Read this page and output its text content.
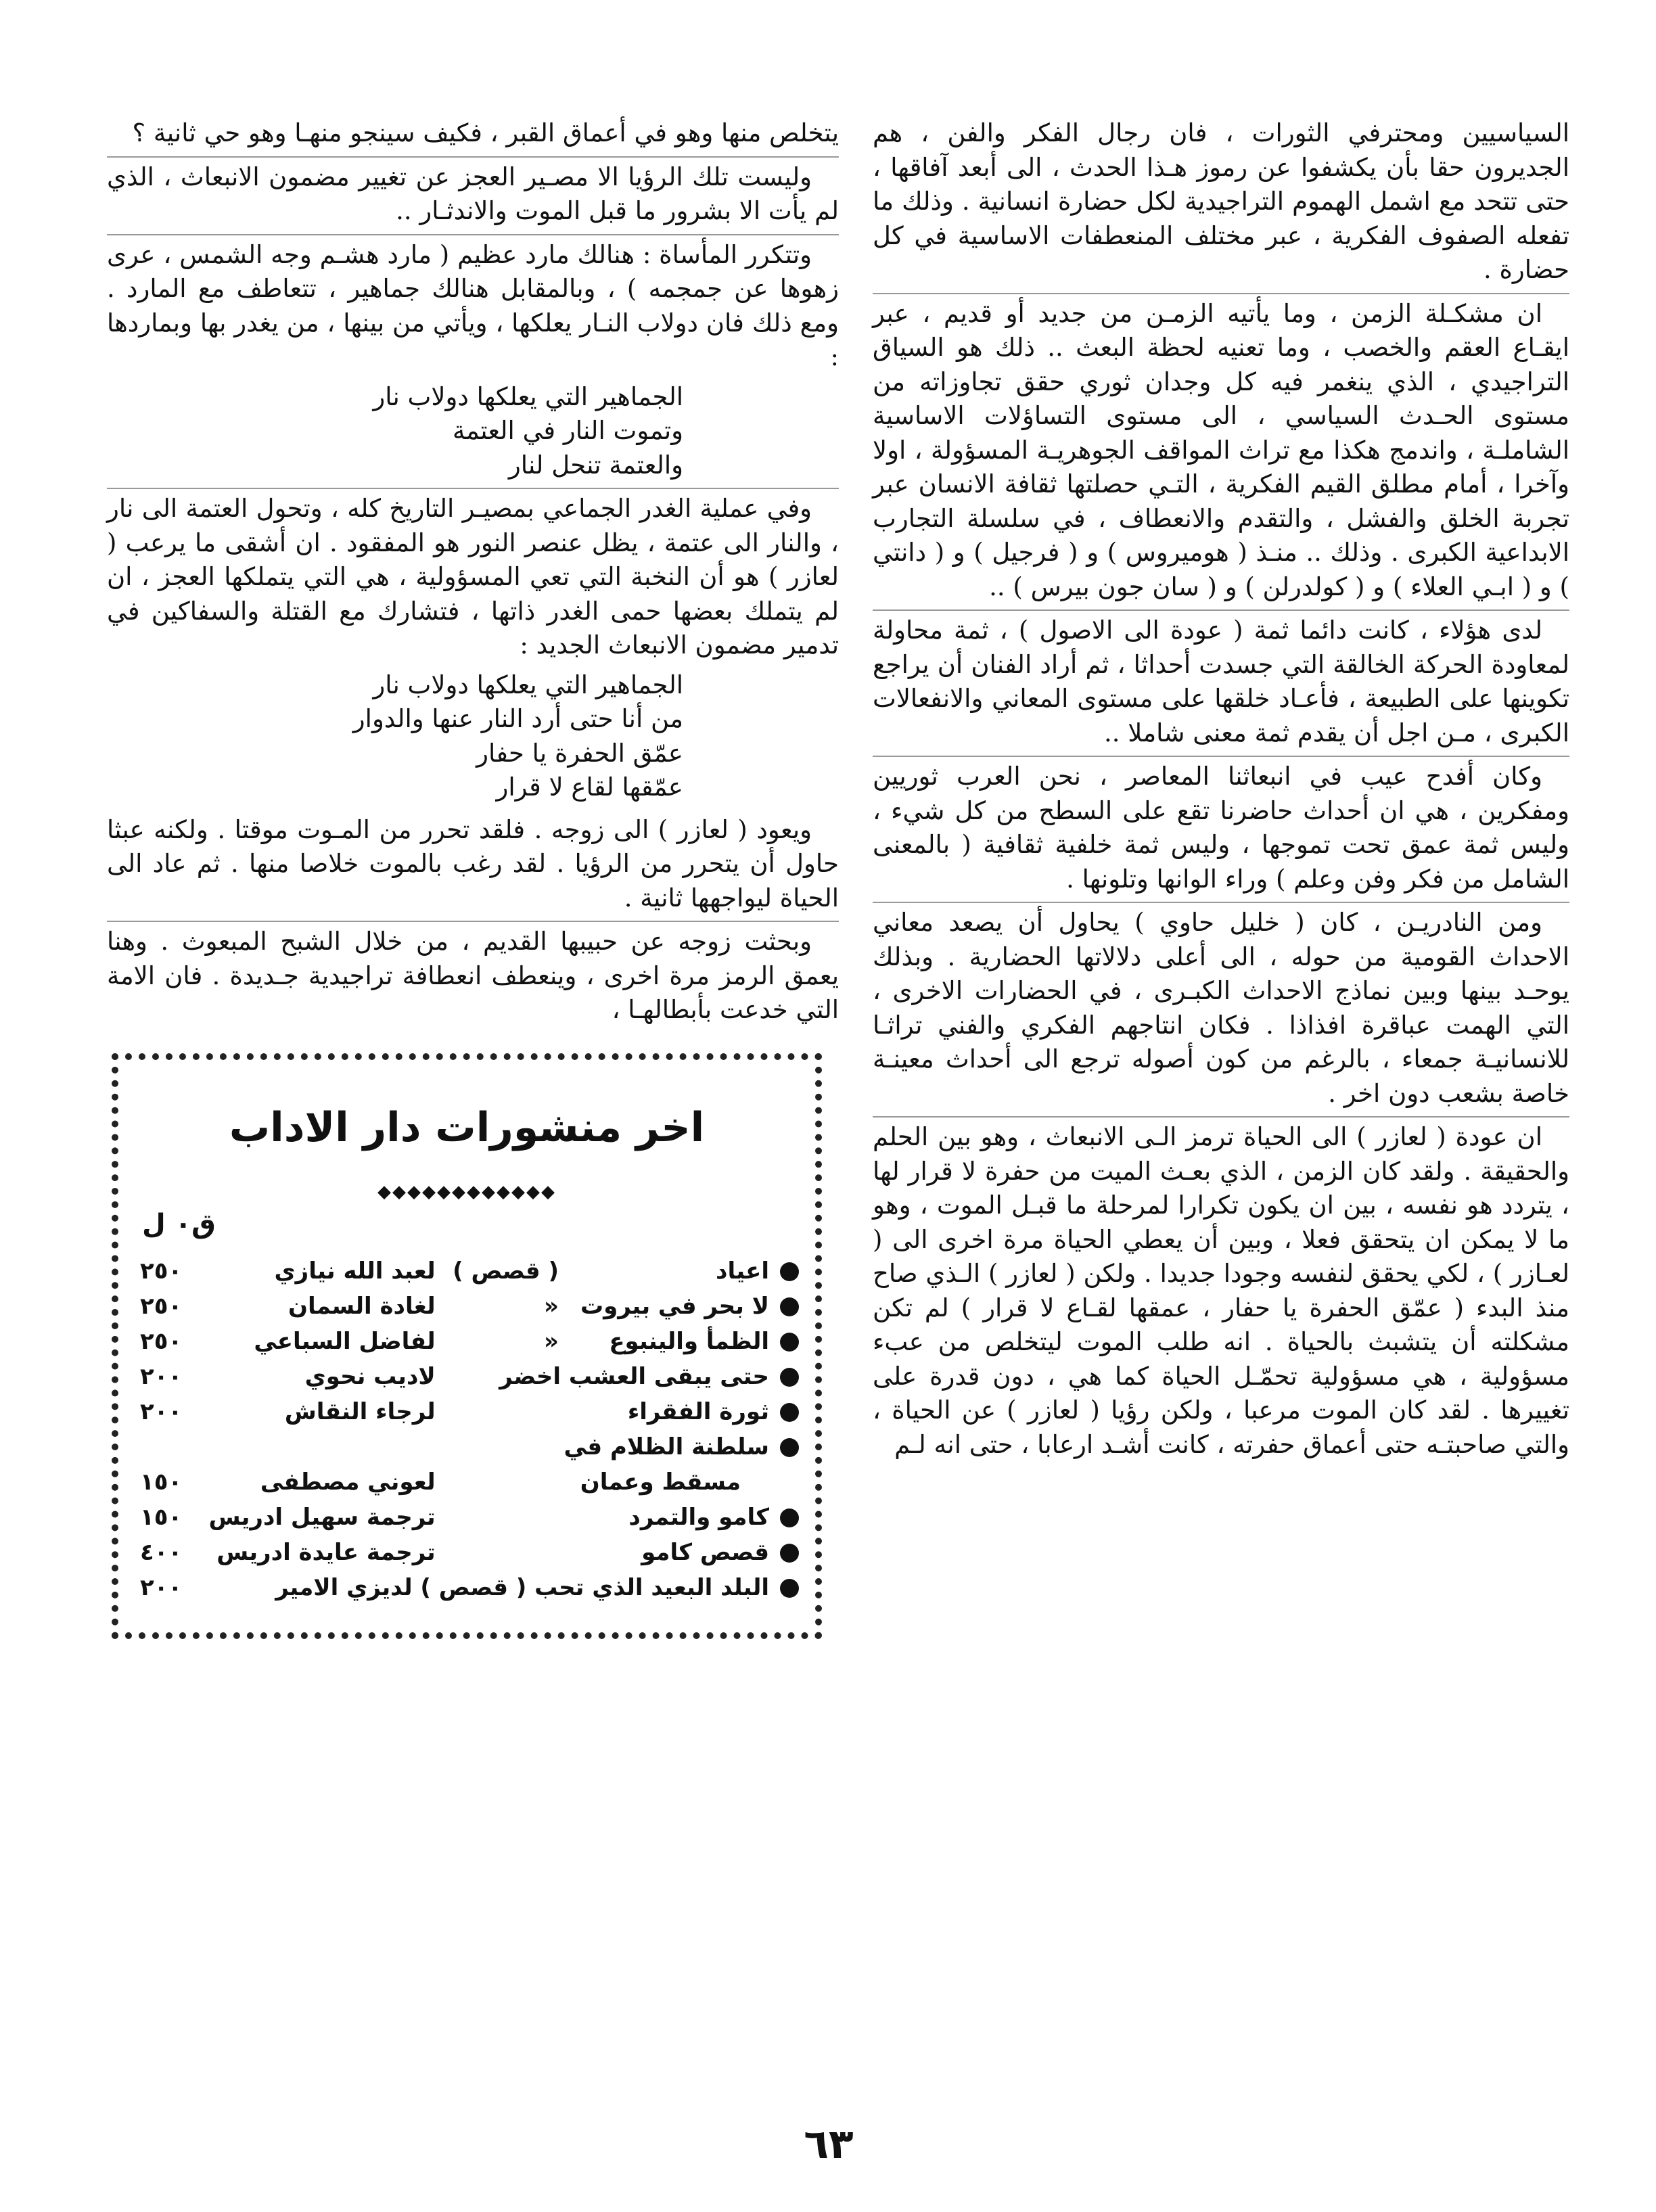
السياسيين ومحترفي الثورات ، فان رجال الفكر والفن ، هم الجديرون حقا بأن يكشفوا عن رموز هـذا الحدث ، الى أبعد آفاقها ، حتى تتحد مع اشمل الهموم التراجيدية لكل حضارة انسانية . وذلك ما تفعله الصفوف الفكرية ، عبر مختلف المنعطفات الاساسية في كل حضارة .

ان مشكـلة الزمن ، وما يأتيه الزمـن من جديد أو قديم ، عبر ايقـاع العقم والخصب ، وما تعنيه لحظة البعث .. ذلك هو السياق التراجيدي ، الذي ينغمر فيه كل وجدان ثوري حقق تجاوزاته من مستوى الحـدث السياسي ، الى مستوى التساؤلات الاساسية الشاملـة ، واندمج هكذا مع تراث المواقف الجوهريـة المسؤولة ، اولا وآخرا ، أمام مطلق القيم الفكرية ، التـي حصلتها ثقافة الانسان عبر تجربة الخلق والفشل ، والتقدم والانعطاف ، في سلسلة التجارب الابداعية الكبرى . وذلك .. منـذ ( هوميروس ) و ( فرجيل ) و ( دانتي ) و ( ابـي العلاء ) و ( كولدرلن ) و ( سان جون بيرس ) ..

لدى هؤلاء ، كانت دائما ثمة ( عودة الى الاصول ) ، ثمة محاولة لمعاودة الحركة الخالقة التي جسدت أحداثا ، ثم أراد الفنان أن يراجع تكوينها على الطبيعة ، فأعـاد خلقها على مستوى المعاني والانفعالات الكبرى ، مـن اجل أن يقدم ثمة معنى شاملا ..

وكان أفدح عيب في انبعاثنا المعاصر ، نحن العرب ثوريين ومفكرين ، هي ان أحداث حاضرنا تقع على السطح من كل شيء ، وليس ثمة عمق تحت تموجها ، وليس ثمة خلفية ثقافية ( بالمعنى الشامل من فكر وفن وعلم ) وراء الوانها وتلونها .

ومن النادريـن ، كان ( خليل حاوي ) يحاول أن يصعد معاني الاحداث القومية من حوله ، الى أعلى دلالاتها الحضارية . وبذلك يوحـد بينها وبين نماذج الاحداث الكبـرى ، في الحضارات الاخرى ، التي الهمت عباقرة افذاذا . فكان انتاجهم الفكري والفني تراثـا للانسانيـة جمعاء ، بالرغم من كون أصوله ترجع الى أحداث معينـة خاصة بشعب دون اخر .

ان عودة ( لعازر ) الى الحياة ترمز الـى الانبعاث ، وهو بين الحلم والحقيقة . ولقد كان الزمن ، الذي بعـث الميت من حفرة لا قرار لها ، يتردد هو نفسه ، بين ان يكون تكرارا لمرحلة ما قبـل الموت ، وهو ما لا يمكن ان يتحقق فعلا ، وبين أن يعطي الحياة مرة اخرى الى ( لعـازر ) ، لكي يحقق لنفسه وجودا جديدا . ولكن ( لعازر ) الـذي صاح منذ البدء ( عمّق الحفرة يا حفار ، عمقها لقـاع لا قرار ) لم تكن مشكلته أن يتشبث بالحياة . انه طلب الموت ليتخلص من عبء مسؤولية ، هي مسؤولية تحمّـل الحياة كما هي ، دون قدرة على تغييرها . لقد كان الموت مرعبا ، ولكن رؤيا ( لعازر ) عن الحياة ، والتي صاحبتـه حتى أعماق حفرته ، كانت أشـد ارعابا ، حتى انه لـم

يتخلص منها وهو في أعماق القبر ، فكيف سينجو منهـا وهو حي ثانية ؟

وليست تلك الرؤيا الا مصـير العجز عن تغيير مضمون الانبعاث ، الذي لم يأت الا بشرور ما قبل الموت والاندثـار ..

وتتكرر المأساة : هنالك مارد عظيم ( مارد هشـم وجه الشمس ، عرى زهوها عن جمجمه ) ، وبالمقابل هنالك جماهير ، تتعاطف مع المارد . ومع ذلك فان دولاب النـار يعلكها ، ويأتي من بينها ، من يغدر بها وبماردها :

الجماهير التي يعلكها دولاب نار
وتموت النار في العتمة
والعتمة تنحل لنار

وفي عملية الغدر الجماعي بمصيـر التاريخ كله ، وتحول العتمة الى نار ، والنار الى عتمة ، يظل عنصر النور هو المفقود . ان أشقى ما يرعب ( لعازر ) هو أن النخبة التي تعي المسؤولية ، هي التي يتملكها العجز ، ان لم يتملك بعضها حمى الغدر ذاتها ، فتشارك مع القتلة والسفاكين في تدمير مضمون الانبعاث الجديد :

الجماهير التي يعلكها دولاب نار
من أنا حتى أرد النار عنها والدوار
عمّق الحفرة يا حفار
عمّقها لقاع لا قرار

ويعود ( لعازر ) الى زوجه . فلقد تحرر من المـوت موقتا . ولكنه عبثا حاول أن يتحرر من الرؤيا . لقد رغب بالموت خلاصا منها . ثم عاد الى الحياة ليواجهها ثانية .

وبحثت زوجه عن حبيبها القديم ، من خلال الشبح المبعوث . وهنا يعمق الرمز مرة اخرى ، وينعطف انعطافة تراجيدية جـديدة . فان الامة التي خدعت بأبطالهـا ،

اخر منشورات دار الاداب
◆◆◆◆◆◆◆◆◆◆◆◆
ق٠ ل
	اعياد	( قصص )	لعبد الله نيازي	٢٥٠
	لا بحر في بيروت	«	لغادة السمان	٢٥٠
	الظمأ والينبوع	«	لفاضل السباعي	٢٥٠
	حتى يبقى العشب اخضر		لاديب نحوي	٢٠٠
	ثورة الفقراء		لرجاء النقاش	٢٠٠
	سلطنة الظلام في			
	مسقط وعمان		لعوني مصطفى	١٥٠
	كامو والتمرد		ترجمة سهيل ادريس	١٥٠
	قصص كامو		ترجمة عايدة ادريس	٤٠٠
	البلد البعيد الذي تحب ( قصص ) لديزي الامير			٢٠٠
٦٣
